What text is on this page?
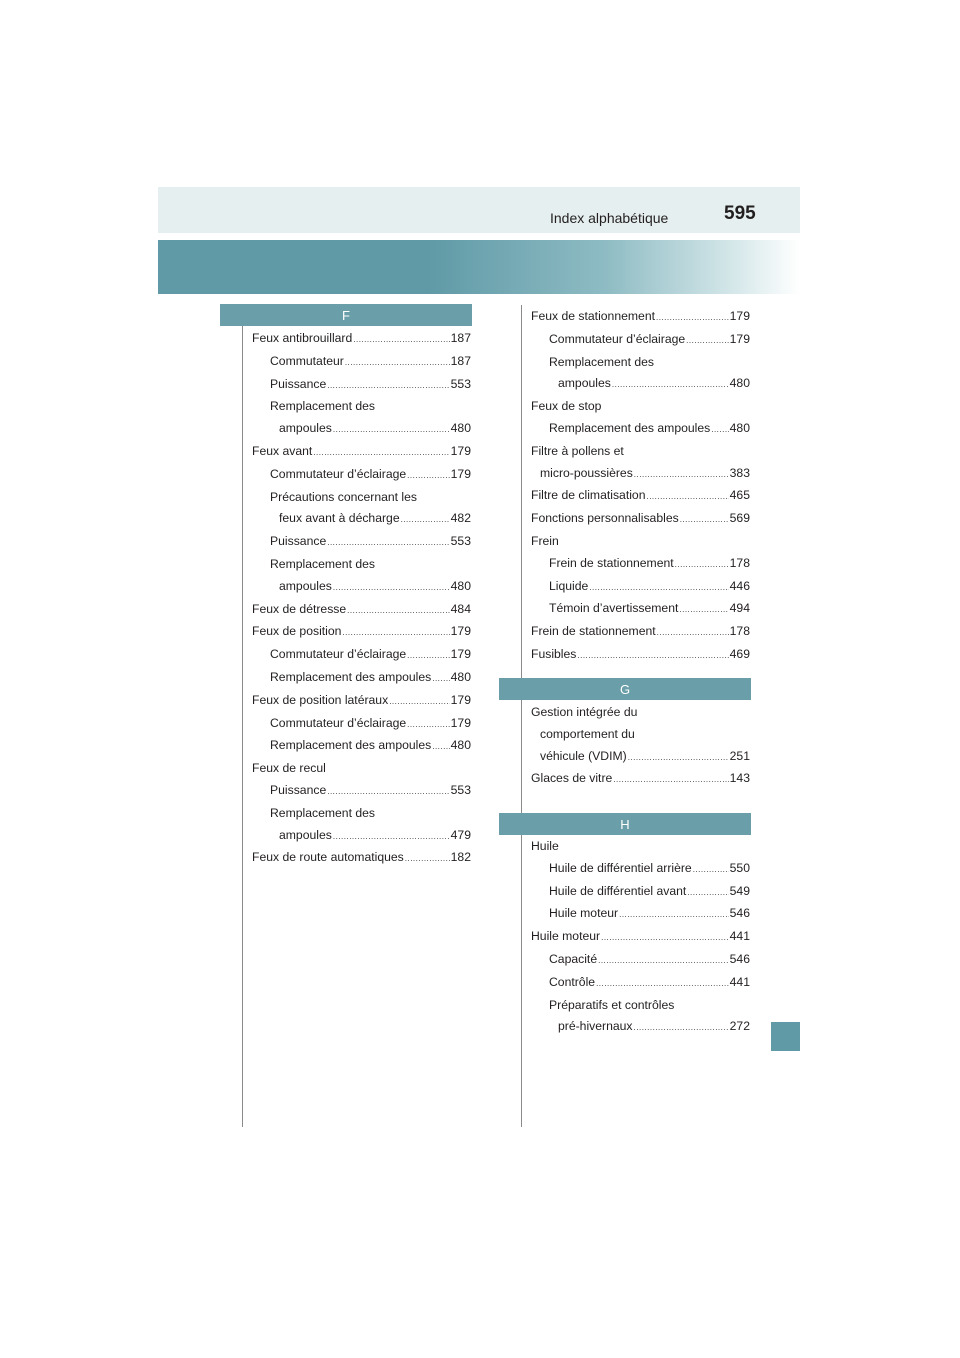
Index alphabétique	595
F
G
H
Feux antibrouillard .....	187
Commutateur .....	187
Puissance .....	553
Remplacement des
ampoules .....	480
Feux avant .....	179
Commutateur d’éclairage .....	179
Précautions concernant les
feux avant à décharge .....	482
Puissance .....	553
Remplacement des
ampoules .....	480
Feux de détresse .....	484
Feux de position .....	179
Commutateur d’éclairage .....	179
Remplacement des ampoules ..... 480
Feux de position latéraux .....	179
Commutateur d’éclairage .....	179
Remplacement des ampoules ..... 480
Feux de recul
Puissance .....	553
Remplacement des
ampoules .....	479
Feux de route automatiques .....	182
Feux de stationnement .....	179
Commutateur d’éclairage .....	179
Remplacement des
ampoules .....	480
Feux de stop
Remplacement des ampoules ..... 480
Filtre à pollens et
micro-poussières .....	383
Filtre de climatisation .....	465
Fonctions personnalisables .....	569
Frein
Frein de stationnement .....	178
Liquide .....	446
Témoin d’avertissement .....	494
Frein de stationnement .....	178
Fusibles .....	469
Gestion intégrée du
comportement du
véhicule (VDIM) .....	251
Glaces de vitre .....	143
Huile
Huile de différentiel arrière .....	550
Huile de différentiel avant .....	549
Huile moteur .....	546
Huile moteur .....	441
Capacité .....	546
Contrôle .....	441
Préparatifs et contrôles
pré-hivernaux .....	272
